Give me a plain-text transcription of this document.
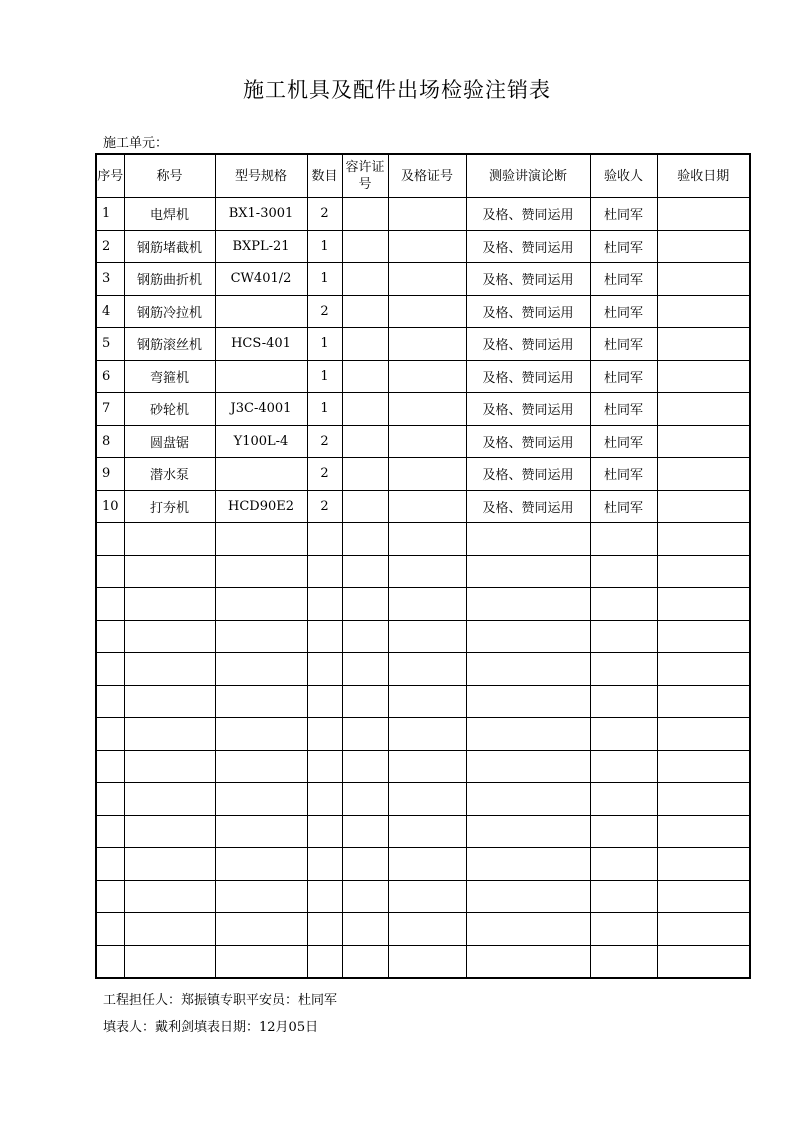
施工机具及配件出场检验注销表
施工单元：
序号	称号	型号规格	数目	容许证号	及格证号	测验讲演论断	验收人	验收日期
1	电焊机	BX1-3001	2			及格、赞同运用	杜同军	
2	钢筋堵截机	BXPL-21	1			及格、赞同运用	杜同军	
3	钢筋曲折机	CW401/2	1			及格、赞同运用	杜同军	
4	钢筋冷拉机		2			及格、赞同运用	杜同军	
5	钢筋滚丝机	HCS-401	1			及格、赞同运用	杜同军	
6	弯箍机		1			及格、赞同运用	杜同军	
7	砂轮机	J3C-4001	1			及格、赞同运用	杜同军	
8	圆盘锯	Y100L-4	2			及格、赞同运用	杜同军	
9	潜水泵		2			及格、赞同运用	杜同军	
10	打夯机	HCD90E2	2			及格、赞同运用	杜同军	

工程担任人：郑振镇专职平安员：杜同军
填表人：戴利剑填表日期：12月05日
